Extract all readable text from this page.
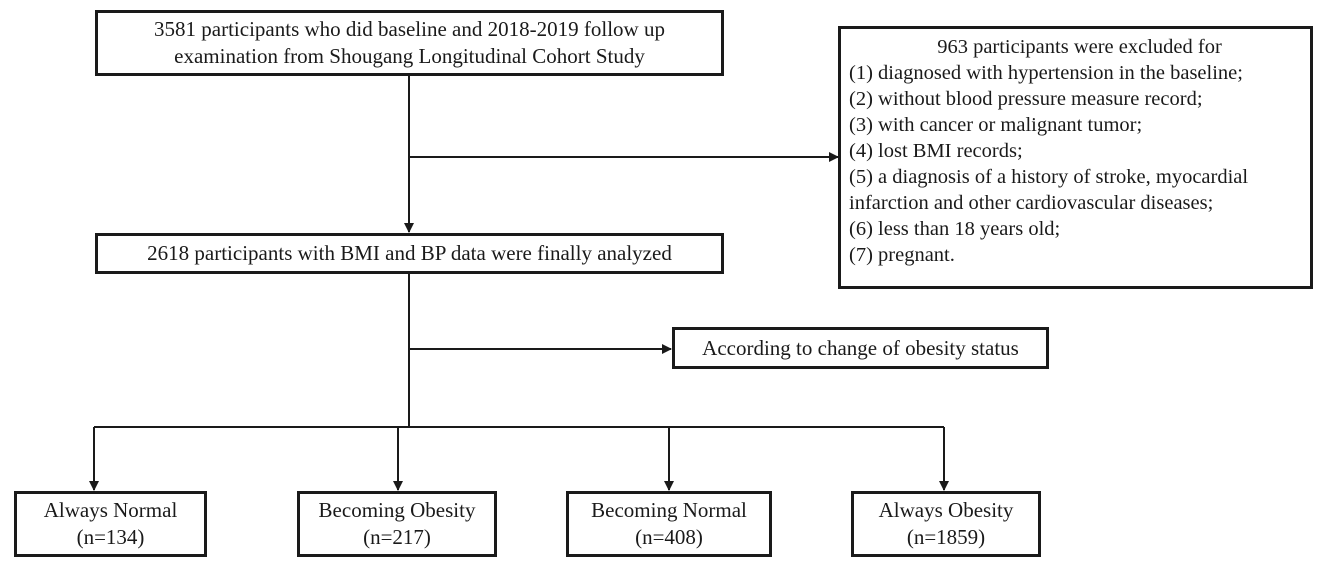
3581 participants who did baseline and 2018-2019 follow up
examination from Shougang Longitudinal Cohort Study	963 participants were excluded for
(1) diagnosed with hypertension in the baseline;
(2) without blood pressure measure record;
(3) with cancer or malignant tumor;
(4) lost BMI records;
(5) a diagnosis of a history of stroke, myocardial
infarction and other cardiovascular diseases;
(6) less than 18 years old;
(7) pregnant.
2618 participants with BMI and BP data were finally analyzed
According to change of obesity status
Always Normal
(n=134)
Becoming Obesity
(n=217)
Becoming Normal
(n=408)
Always Obesity
(n=1859)
